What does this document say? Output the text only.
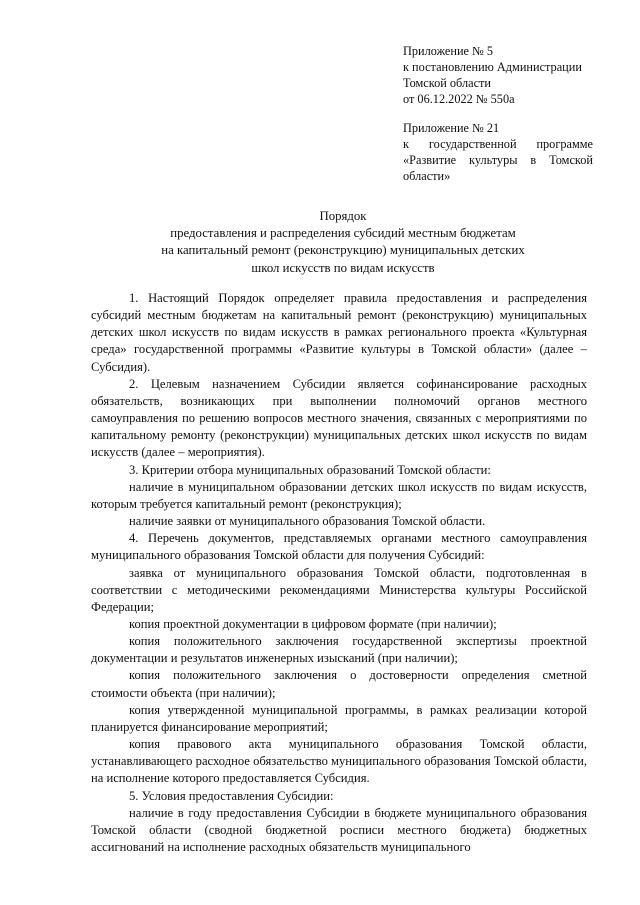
Приложение № 5
к постановлению Администрации
Томской области
от 06.12.2022 № 550а
Приложение № 21
к государственной программе
«Развитие культуры в Томской
области»
Порядок
предоставления и распределения субсидий местным бюджетам
на капитальный ремонт (реконструкцию) муниципальных детских
школ искусств по видам искусств

1. Настоящий Порядок определяет правила предоставления и распределения субсидий местным бюджетам на капитальный ремонт (реконструкцию) муниципальных детских школ искусств по видам искусств в рамках регионального проекта «Культурная среда» государственной программы «Развитие культуры в Томской области» (далее – Субсидия).

2. Целевым назначением Субсидии является софинансирование расходных обязательств, возникающих при выполнении полномочий органов местного самоуправления по решению вопросов местного значения, связанных с мероприятиями по капитальному ремонту (реконструкции) муниципальных детских школ искусств по видам искусств (далее – мероприятия).

3. Критерии отбора муниципальных образований Томской области:

наличие в муниципальном образовании детских школ искусств по видам искусств, которым требуется капитальный ремонт (реконструкция);

наличие заявки от муниципального образования Томской области.

4. Перечень документов, представляемых органами местного самоуправления муниципального образования Томской области для получения Субсидий:

заявка от муниципального образования Томской области, подготовленная в соответствии с методическими рекомендациями Министерства культуры Российской Федерации;

копия проектной документации в цифровом формате (при наличии);

копия положительного заключения государственной экспертизы проектной документации и результатов инженерных изысканий (при наличии);

копия положительного заключения о достоверности определения сметной стоимости объекта (при наличии);

копия утвержденной муниципальной программы, в рамках реализации которой планируется финансирование мероприятий;

копия правового акта муниципального образования Томской области, устанавливающего расходное обязательство муниципального образования Томской области, на исполнение которого предоставляется Субсидия.

5. Условия предоставления Субсидии:

наличие в году предоставления Субсидии в бюджете муниципального образования Томской области (сводной бюджетной росписи местного бюджета) бюджетных ассигнований на исполнение расходных обязательств муниципального
